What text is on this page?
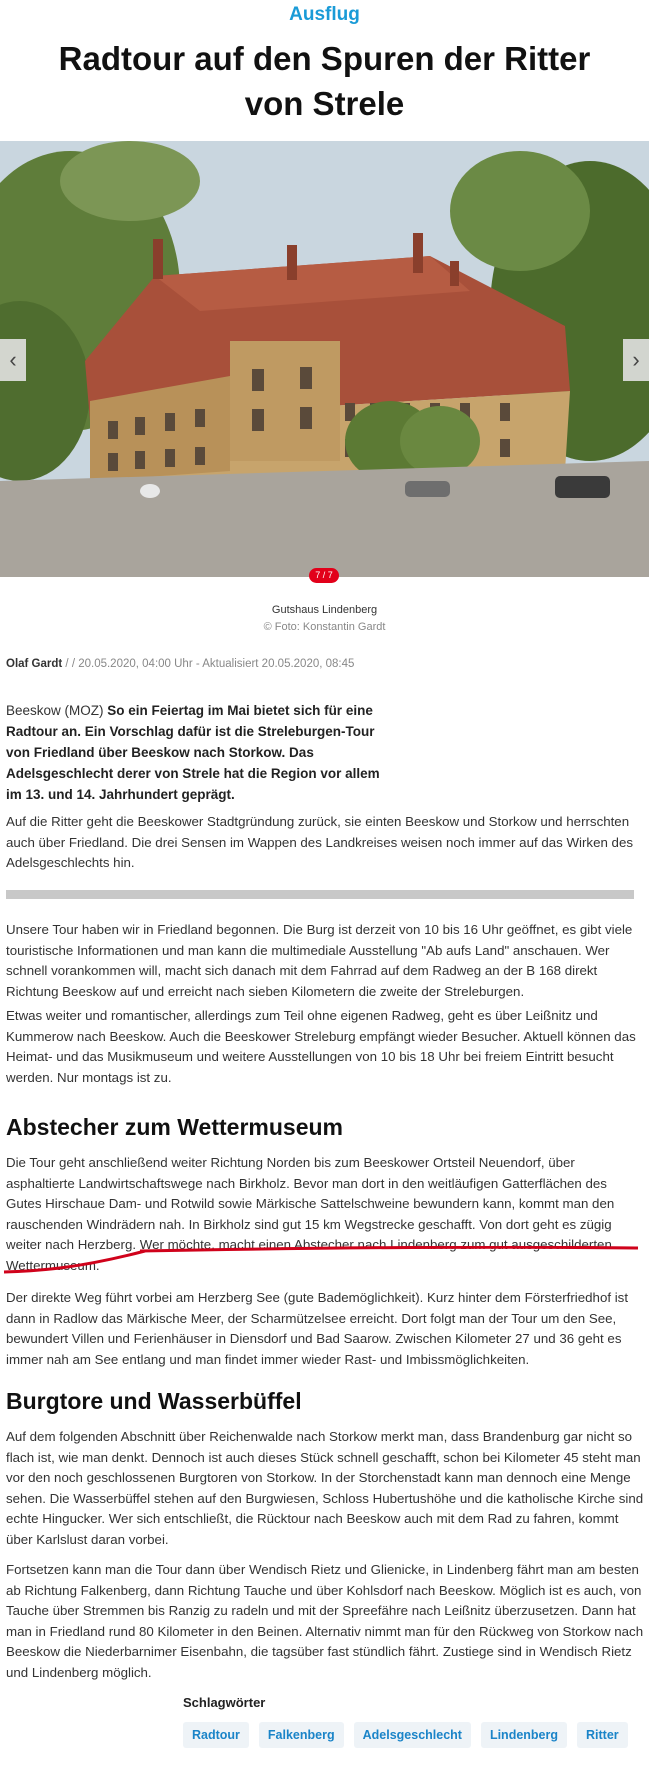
Ausflug
Radtour auf den Spuren der Ritter von Strele
‹	›
7 / 7
Gutshaus Lindenberg
© Foto: Konstantin Gardt
Olaf Gardt / / 20.05.2020, 04:00 Uhr - Aktualisiert 20.05.2020, 08:45
Beeskow (MOZ) So ein Feiertag im Mai bietet sich für eine Radtour an. Ein Vorschlag dafür ist die Streleburgen-Tour von Friedland über Beeskow nach Storkow. Das Adelsgeschlecht derer von Strele hat die Region vor allem im 13. und 14. Jahrhundert geprägt.
Auf die Ritter geht die Beeskower Stadtgründung zurück, sie einten Beeskow und Storkow und herrschten auch über Friedland. Die drei Sensen im Wappen des Landkreises weisen noch immer auf das Wirken des Adelsgeschlechts hin.
Unsere Tour haben wir in Friedland begonnen. Die Burg ist derzeit von 10 bis 16 Uhr geöffnet, es gibt viele touristische Informationen und man kann die multimediale Ausstellung "Ab aufs Land" anschauen. Wer schnell vorankommen will, macht sich danach mit dem Fahrrad auf dem Radweg an der B 168 direkt Richtung Beeskow auf und erreicht nach sieben Kilometern die zweite der Streleburgen.
Etwas weiter und romantischer, allerdings zum Teil ohne eigenen Radweg, geht es über Leißnitz und Kummerow nach Beeskow. Auch die Beeskower Streleburg empfängt wieder Besucher. Aktuell können das Heimat- und das Musikmuseum und weitere Ausstellungen von 10 bis 18 Uhr bei freiem Eintritt besucht werden. Nur montags ist zu.
Abstecher zum Wettermuseum
Die Tour geht anschließend weiter Richtung Norden bis zum Beeskower Ortsteil Neuendorf, über asphaltierte Landwirtschaftswege nach Birkholz. Bevor man dort in den weitläufigen Gatterflächen des Gutes Hirschaue Dam- und Rotwild sowie Märkische Sattelschweine bewundern kann, kommt man den rauschenden Windrädern nah. In Birkholz sind gut 15 km Wegstrecke geschafft. Von dort geht es zügig weiter nach Herzberg. Wer möchte, macht einen Abstecher nach Lindenberg zum gut ausgeschilderten Wettermuseum.
Der direkte Weg führt vorbei am Herzberg See (gute Bademöglichkeit). Kurz hinter dem Försterfriedhof ist dann in Radlow das Märkische Meer, der Scharmützelsee erreicht. Dort folgt man der Tour um den See, bewundert Villen und Ferienhäuser in Diensdorf und Bad Saarow. Zwischen Kilometer 27 und 36 geht es immer nah am See entlang und man findet immer wieder Rast- und Imbissmöglichkeiten.
Burgtore und Wasserbüffel
Auf dem folgenden Abschnitt über Reichenwalde nach Storkow merkt man, dass Brandenburg gar nicht so flach ist, wie man denkt. Dennoch ist auch dieses Stück schnell geschafft, schon bei Kilometer 45 steht man vor den noch geschlossenen Burgtoren von Storkow. In der Storchenstadt kann man dennoch eine Menge sehen. Die Wasserbüffel stehen auf den Burgwiesen, Schloss Hubertushöhe und die katholische Kirche sind echte Hingucker. Wer sich entschließt, die Rücktour nach Beeskow auch mit dem Rad zu fahren, kommt über Karlslust daran vorbei.
Fortsetzen kann man die Tour dann über Wendisch Rietz und Glienicke, in Lindenberg fährt man am besten ab Richtung Falkenberg, dann Richtung Tauche und über Kohlsdorf nach Beeskow. Möglich ist es auch, von Tauche über Stremmen bis Ranzig zu radeln und mit der Spreefähre nach Leißnitz überzusetzen. Dann hat man in Friedland rund 80 Kilometer in den Beinen. Alternativ nimmt man für den Rückweg von Storkow nach Beeskow die Niederbarnimer Eisenbahn, die tagsüber fast stündlich fährt. Zustiege sind in Wendisch Rietz und Lindenberg möglich.
Schlagwörter
Radtour	Falkenberg	Adelsgeschlecht	Lindenberg	Ritter
